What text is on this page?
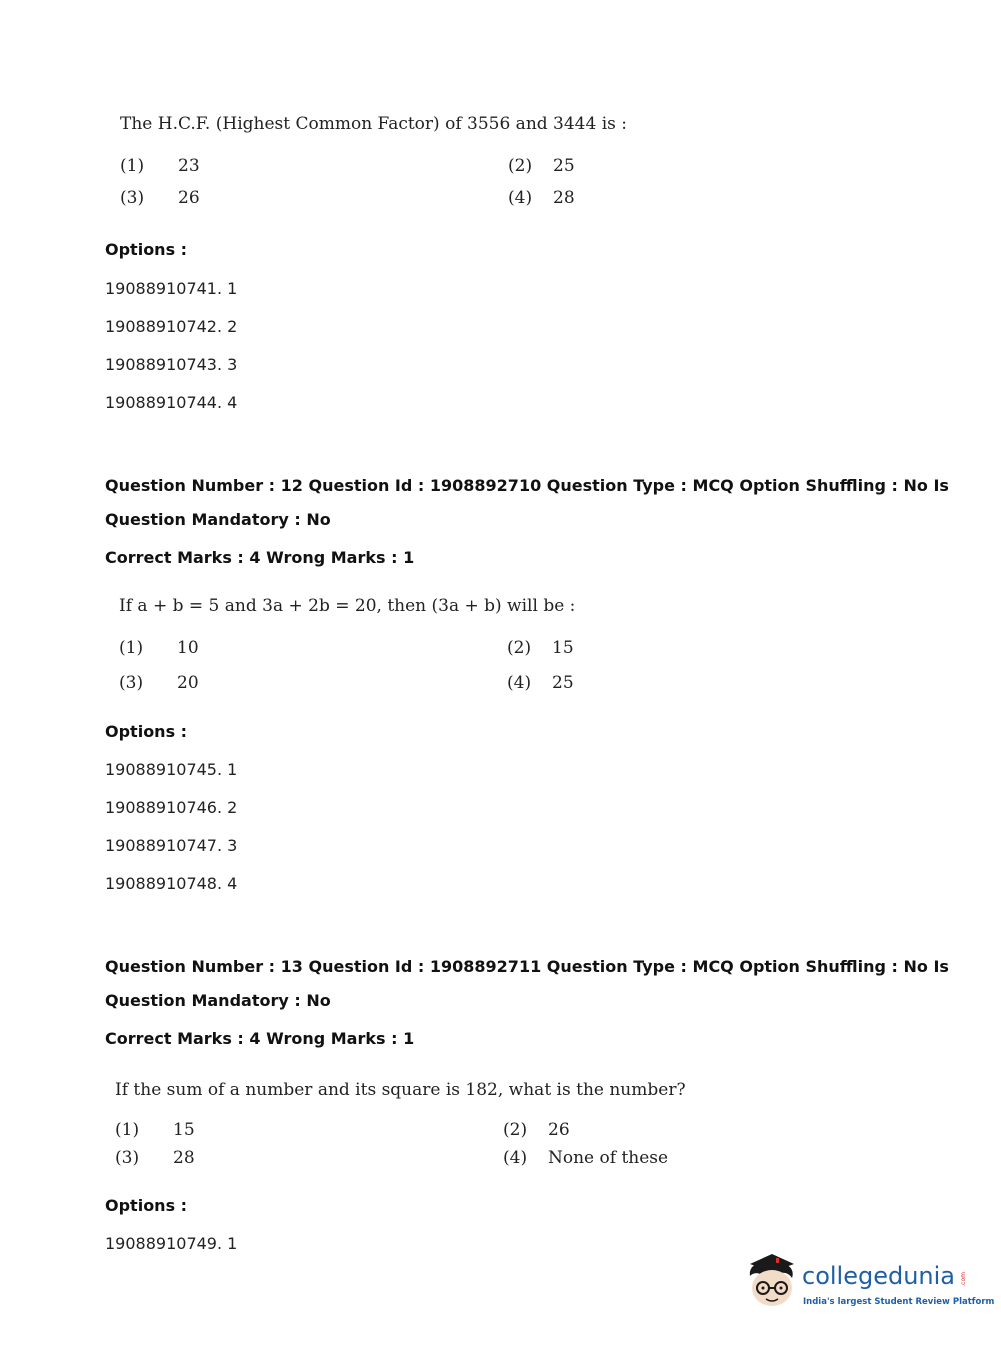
The H.C.F. (Highest Common Factor) of 3556 and 3444 is :
(1) 23	(2) 25
(3) 26	(4) 28
Options :
19088910741. 1
19088910742. 2
19088910743. 3
19088910744. 4
Question Number : 12 Question Id : 1908892710 Question Type : MCQ Option Shuffling : No Is
Question Mandatory : No
Correct Marks : 4 Wrong Marks : 1
If a + b = 5 and 3a + 2b = 20, then (3a + b) will be :
(1) 10	(2) 15
(3) 20	(4) 25
Options :
19088910745. 1
19088910746. 2
19088910747. 3
19088910748. 4
Question Number : 13 Question Id : 1908892711 Question Type : MCQ Option Shuffling : No Is
Question Mandatory : No
Correct Marks : 4 Wrong Marks : 1
If the sum of a number and its square is 182, what is the number?
(1) 15	(2) 26
(3) 28	(4) None of these
Options :
19088910749. 1
collegedunia .com
India's largest Student Review Platform
